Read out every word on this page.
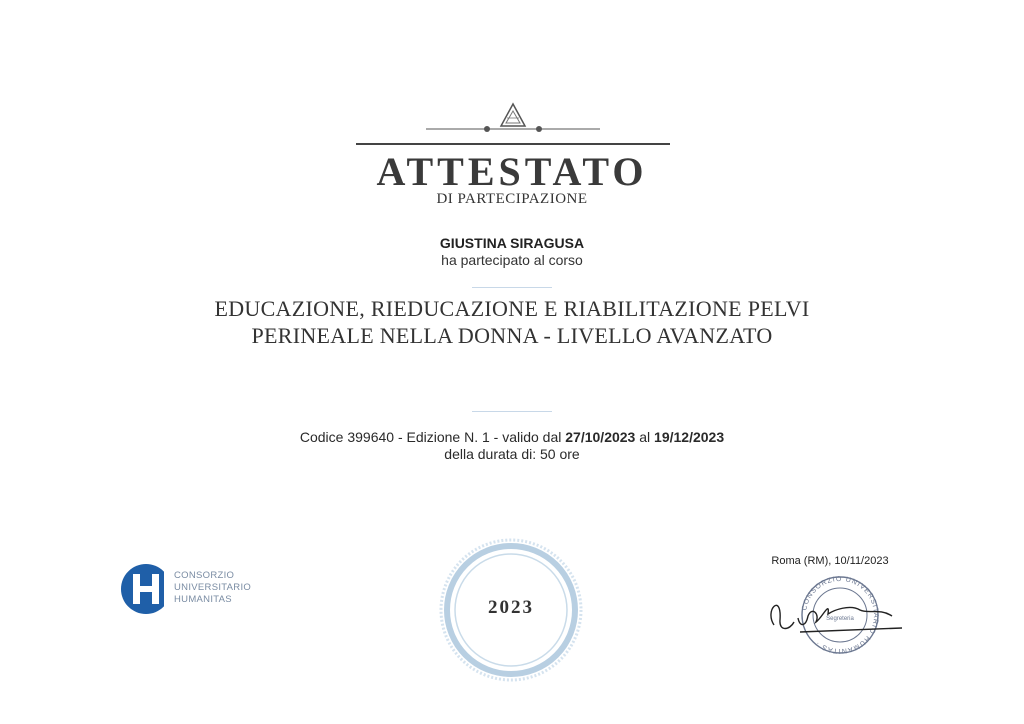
ATTESTATO
DI PARTECIPAZIONE
GIUSTINA SIRAGUSA
ha partecipato al corso
EDUCAZIONE, RIEDUCAZIONE E RIABILITAZIONE PELVI
PERINEALE NELLA DONNA - LIVELLO AVANZATO
Codice 399640 - Edizione N. 1 - valido dal 27/10/2023 al 19/12/2023
della durata di: 50 ore
CONSORZIO
UNIVERSITARIO
HUMANITAS	2023
Roma (RM), 10/11/2023
CONSORZIO UNIVERSITARIO HUMANITAS ·
Segreteria
